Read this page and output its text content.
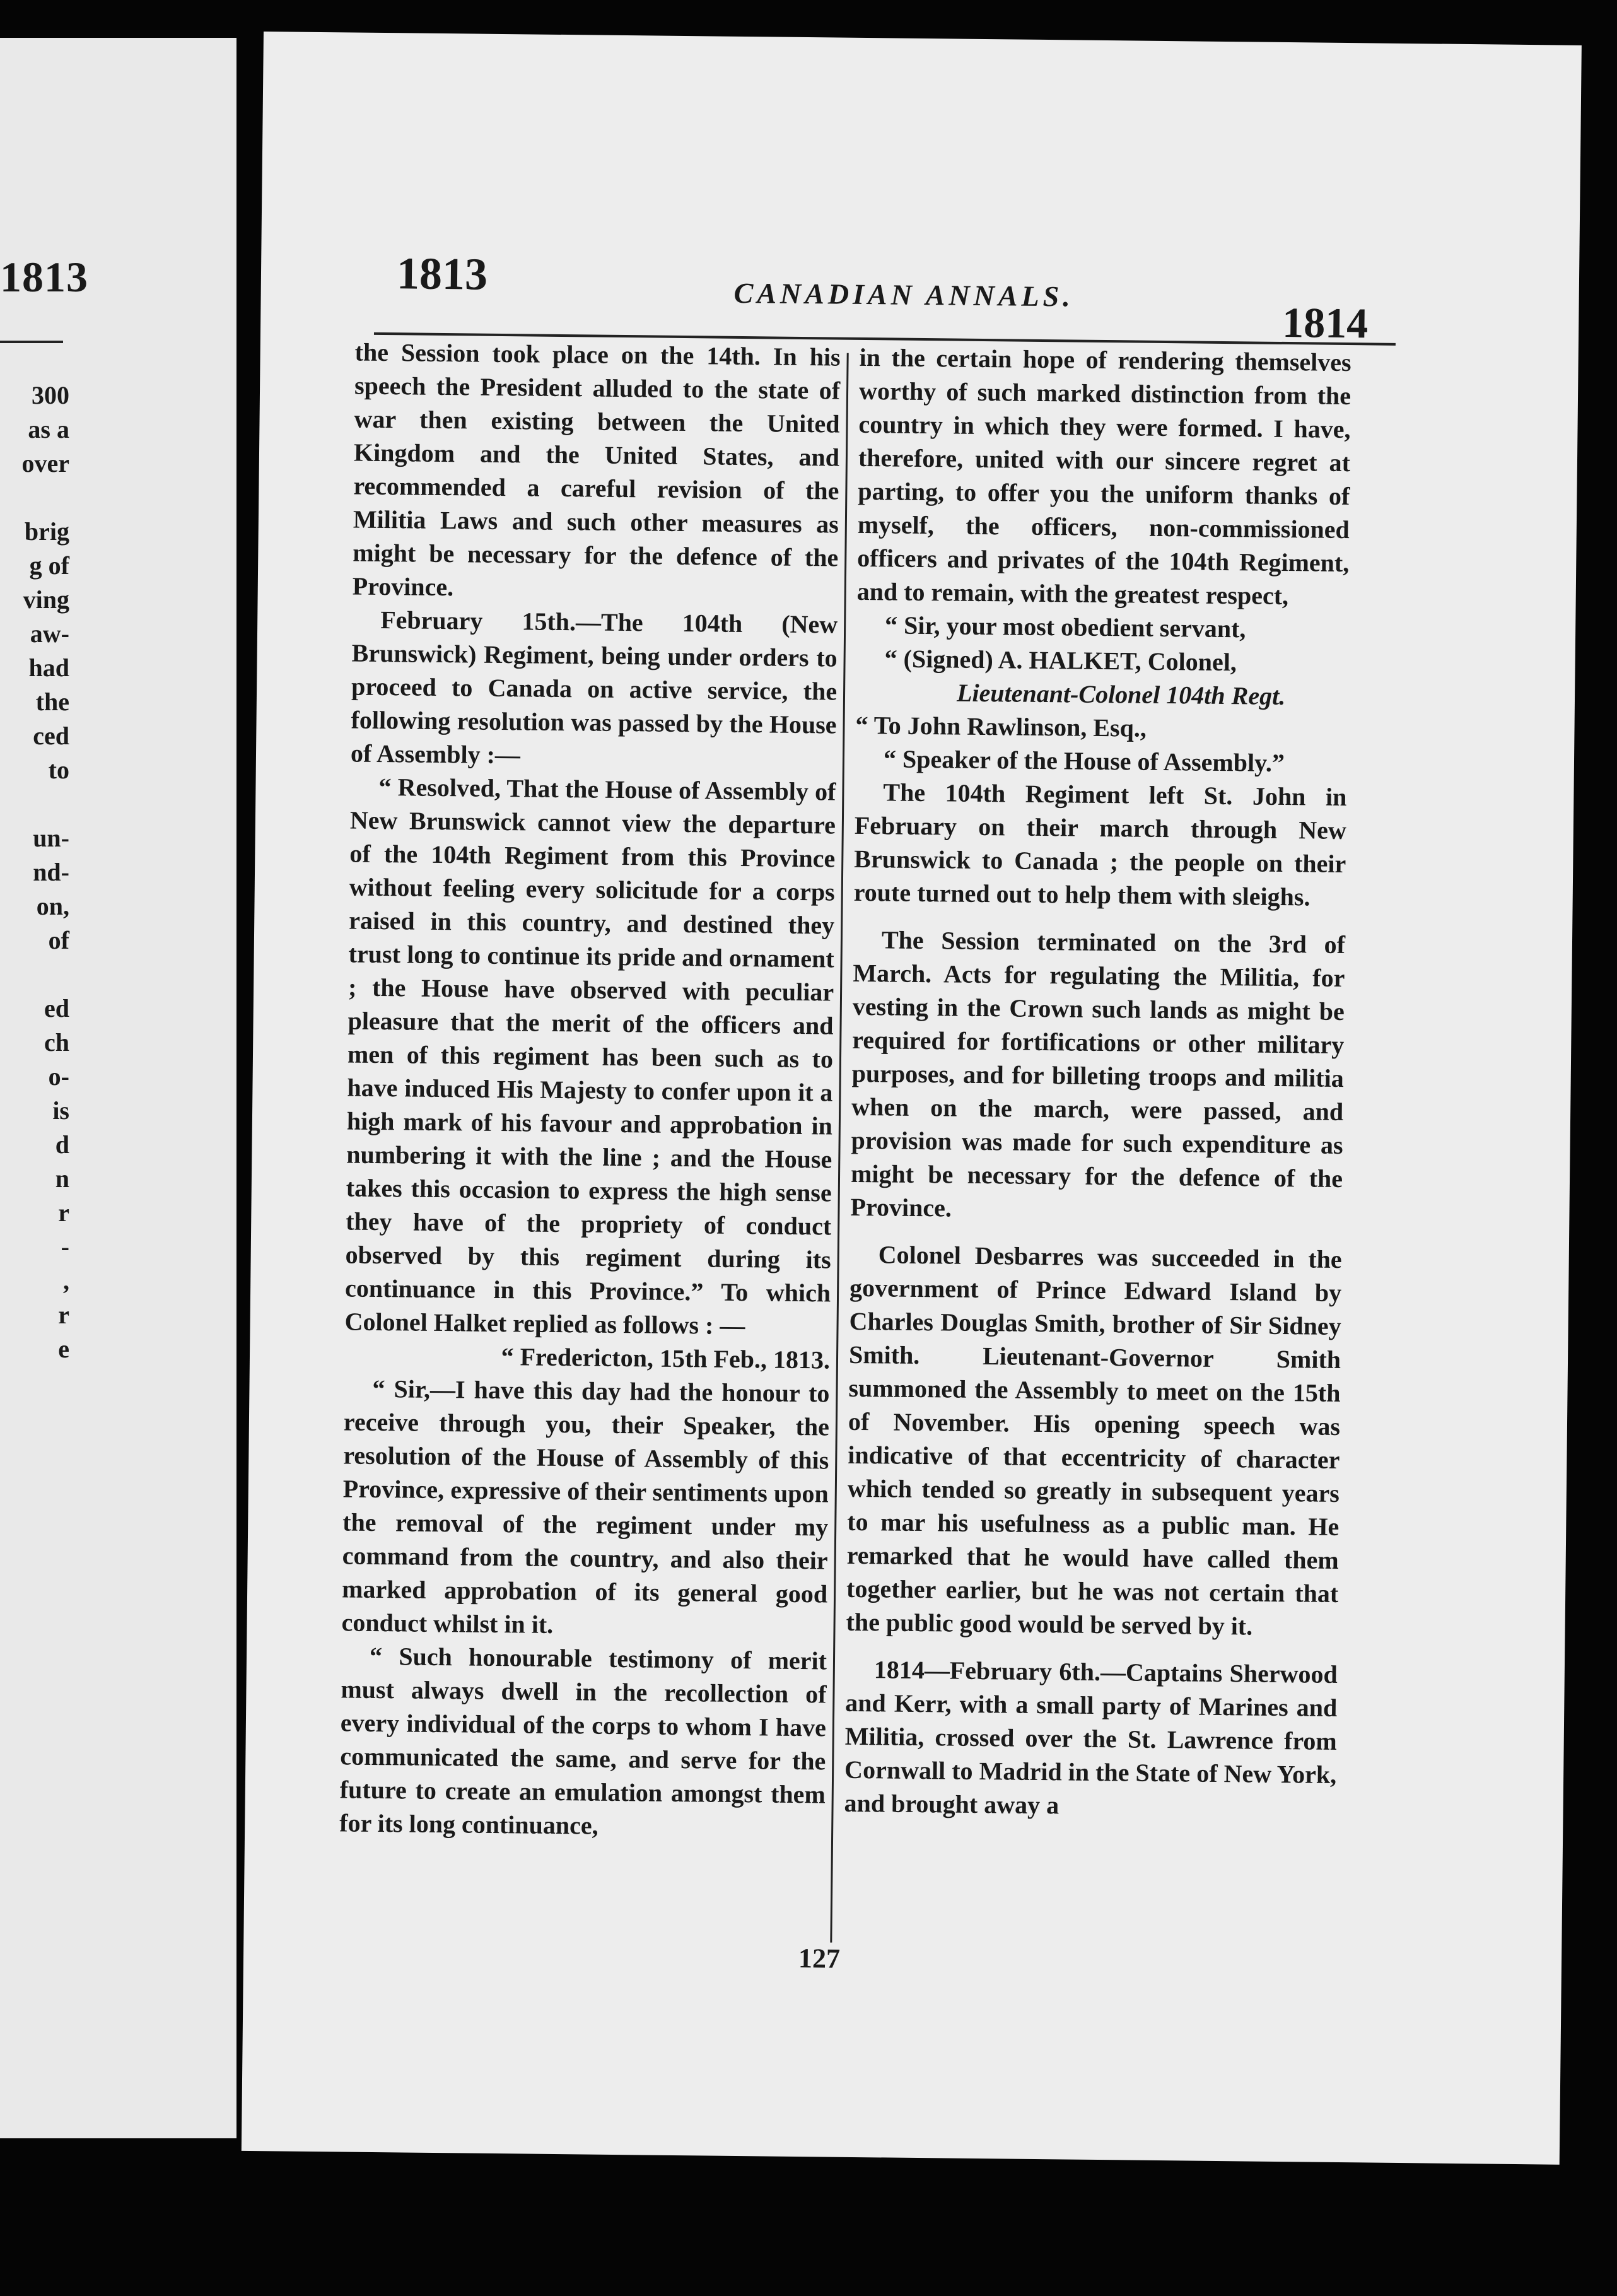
1813
300
as a
over
brig
g of
ving
aw-
had
the
ced
to
un-
nd-
on,
of
ed
ch
o-
is
d
n
r
-
,
r
e
1813	CANADIAN ANNALS.
1814

the Session took place on the 14th. In his speech the President alluded to the state of war then existing between the United Kingdom and the United States, and recommended a careful revision of the Militia Laws and such other measures as might be necessary for the defence of the Province.

February 15th.—The 104th (New Brunswick) Regiment, being under orders to proceed to Canada on active service, the following resolution was passed by the House of Assembly :—

“ Resolved, That the House of Assembly of New Brunswick cannot view the departure of the 104th Regiment from this Province without feeling every solicitude for a corps raised in this country, and destined they trust long to continue its pride and ornament ; the House have observed with peculiar pleasure that the merit of the officers and men of this regiment has been such as to have induced His Majesty to confer upon it a high mark of his favour and approbation in numbering it with the line ; and the House takes this occasion to express the high sense they have of the propriety of conduct observed by this regiment during its continuance in this Province.” To which Colonel Halket replied as follows : —

“ Fredericton, 15th Feb., 1813.

“ Sir,—I have this day had the honour to receive through you, their Speaker, the resolution of the House of Assembly of this Province, expressive of their sentiments upon the removal of the regiment under my command from the country, and also their marked approbation of its general good conduct whilst in it.

“ Such honourable testimony of merit must always dwell in the recollection of every individual of the corps to whom I have communicated the same, and serve for the future to create an emulation amongst them for its long continuance,

in the certain hope of rendering themselves worthy of such marked distinction from the country in which they were formed. I have, therefore, united with our sincere regret at parting, to offer you the uniform thanks of myself, the officers, non-commissioned officers and privates of the 104th Regiment, and to remain, with the greatest respect,

“ Sir, your most obedient servant,

“ (Signed) A. HALKET, Colonel,

Lieutenant-Colonel 104th Regt.

“ To John Rawlinson, Esq.,

“ Speaker of the House of Assembly.”

The 104th Regiment left St. John in February on their march through New Brunswick to Canada ; the people on their route turned out to help them with sleighs.

The Session terminated on the 3rd of March. Acts for regulating the Militia, for vesting in the Crown such lands as might be required for fortifications or other military purposes, and for billeting troops and militia when on the march, were passed, and provision was made for such expenditure as might be necessary for the defence of the Province.

Colonel Desbarres was succeeded in the government of Prince Edward Island by Charles Douglas Smith, brother of Sir Sidney Smith. Lieutenant-Governor Smith summoned the Assembly to meet on the 15th of November. His opening speech was indicative of that eccentricity of character which tended so greatly in subsequent years to mar his usefulness as a public man. He remarked that he would have called them together earlier, but he was not certain that the public good would be served by it.

1814—February 6th.—Captains Sherwood and Kerr, with a small party of Marines and Militia, crossed over the St. Lawrence from Cornwall to Madrid in the State of New York, and brought away a

127
